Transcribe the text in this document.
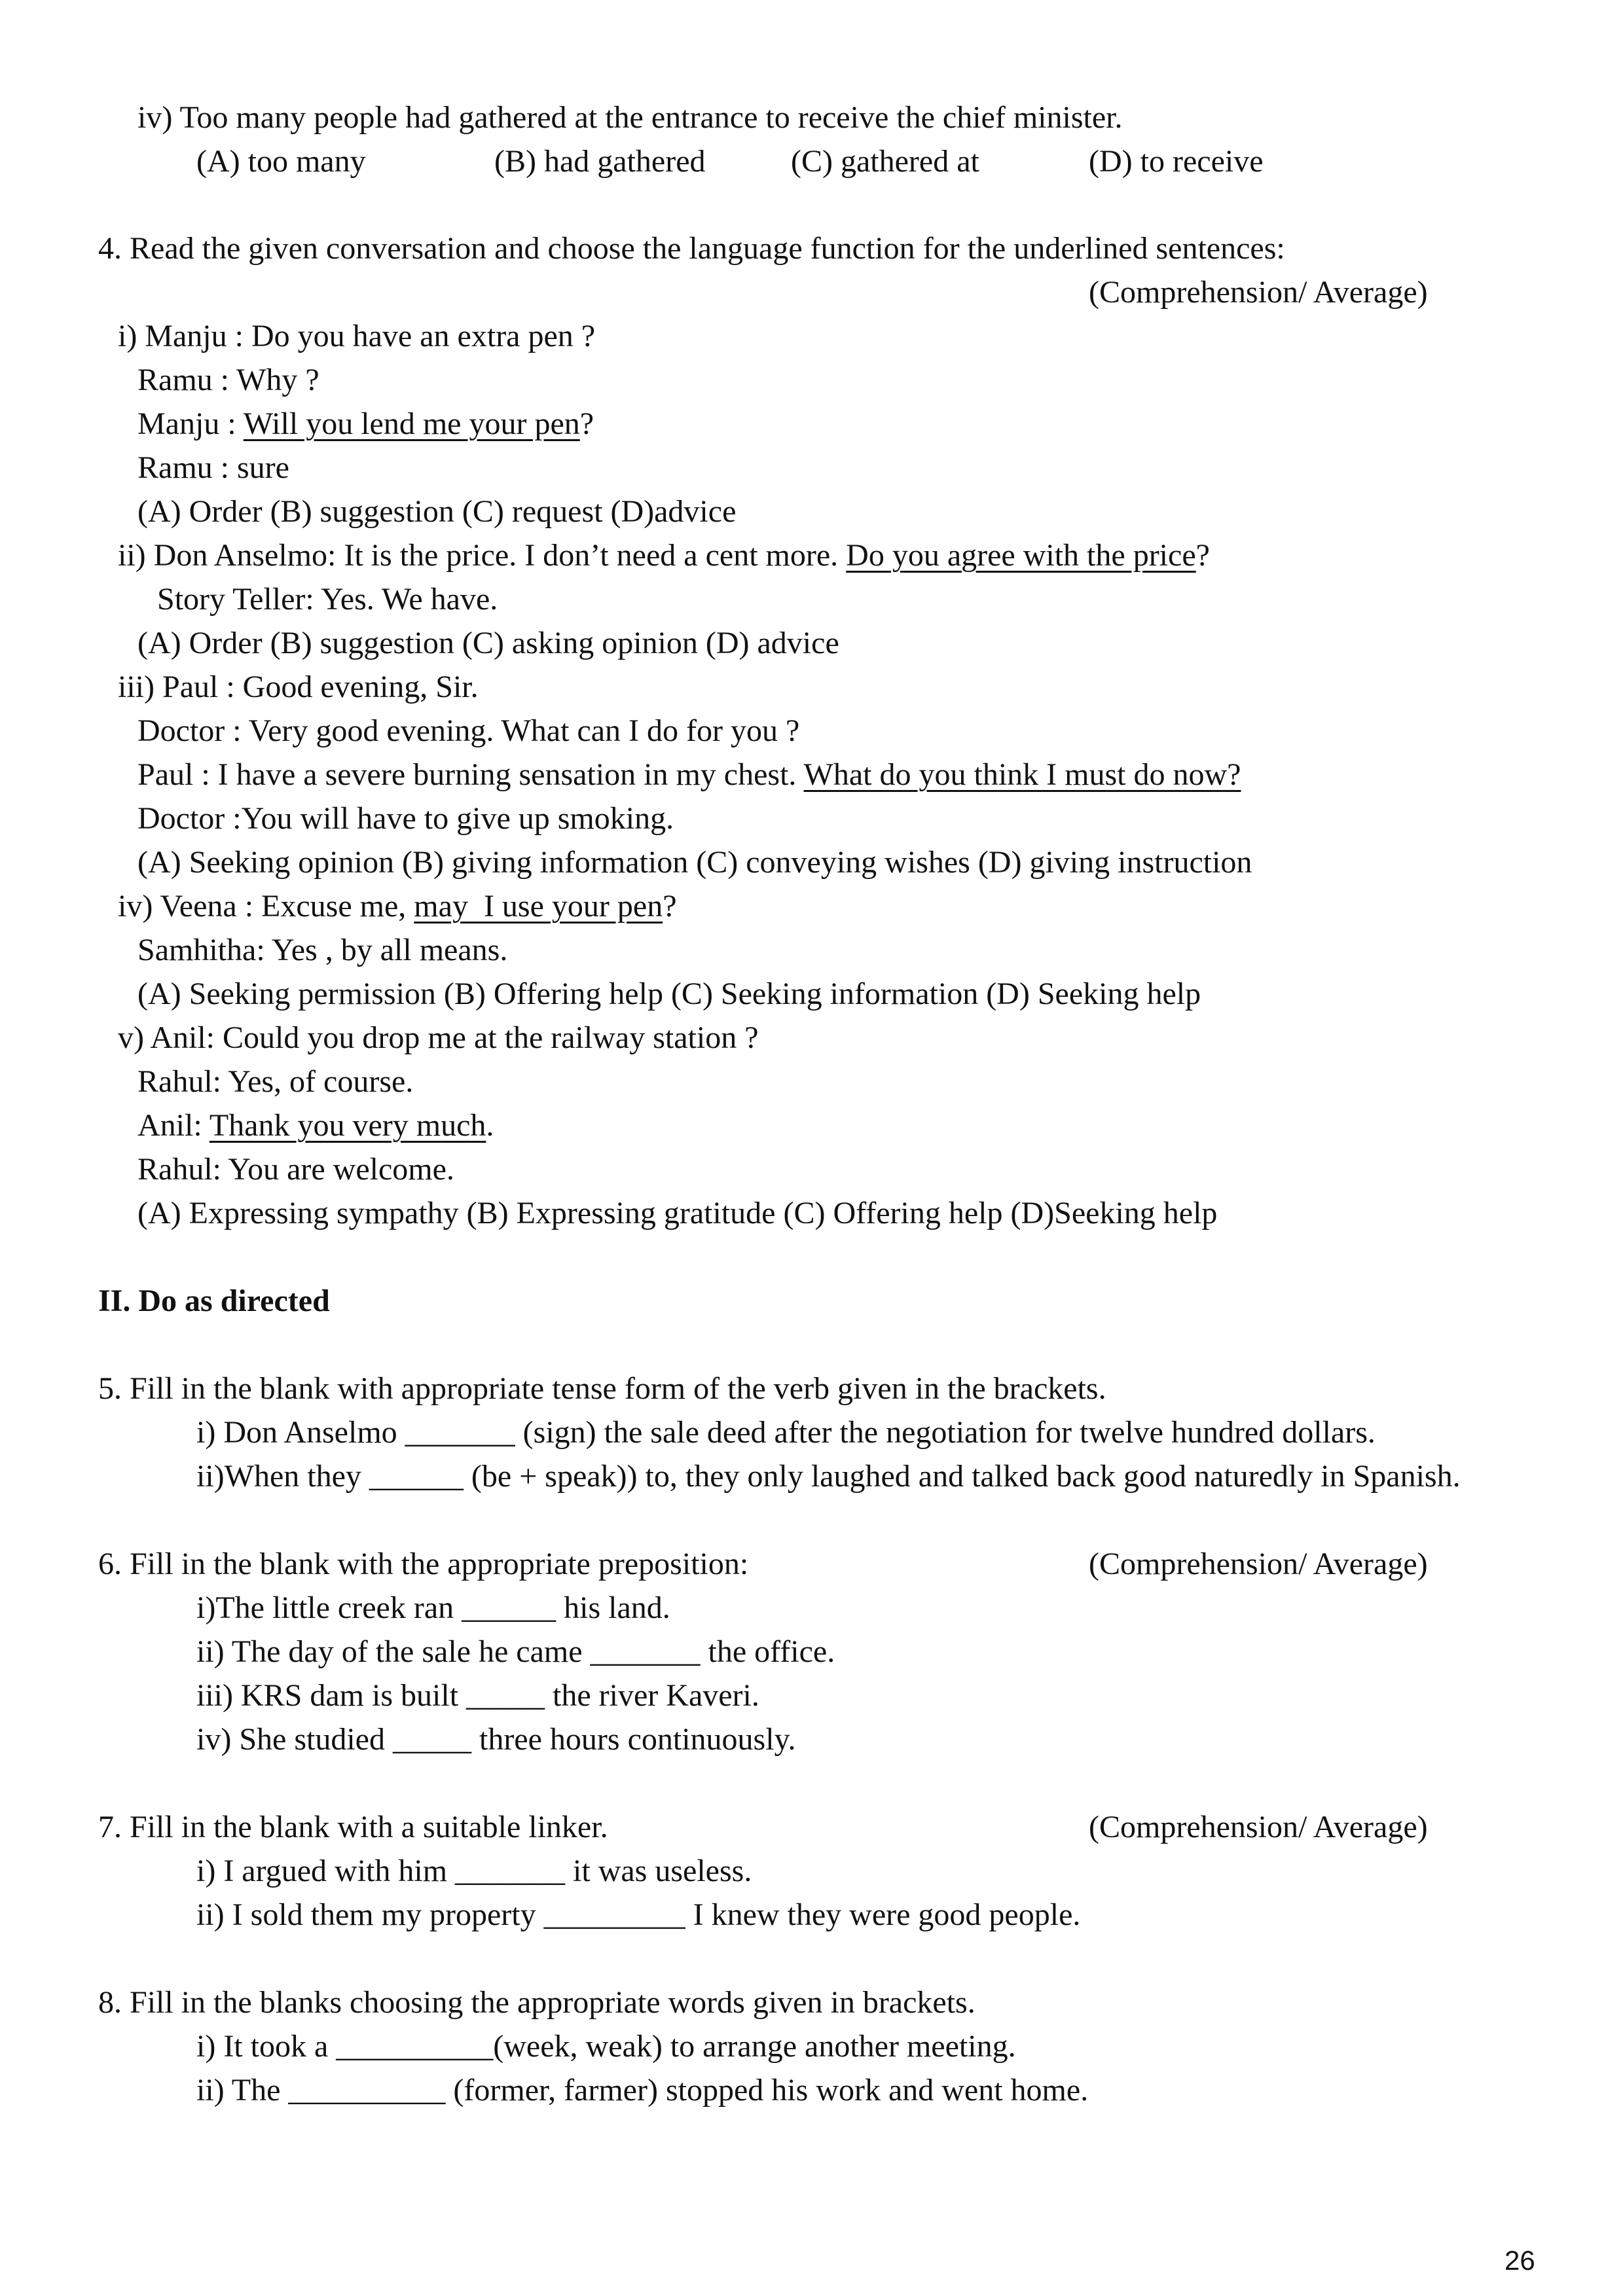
iv) Too many people had gathered at the entrance to receive the chief minister.
(A) too many	(B) had gathered	(C) gathered at	(D) to receive
4. Read the given conversation and choose the language function for the underlined sentences:
(Comprehension/ Average)
i) Manju : Do you have an extra pen ?
Ramu : Why ?
Manju : Will you lend me your pen?
Ramu : sure
(A) Order (B) suggestion (C) request (D)advice
ii) Don Anselmo: It is the price. I don’t need a cent more. Do you agree with the price?
Story Teller: Yes. We have.
(A) Order (B) suggestion (C) asking opinion (D) advice
iii) Paul : Good evening, Sir.
Doctor : Very good evening. What can I do for you ?
Paul : I have a severe burning sensation in my chest. What do you think I must do now?
Doctor :You will have to give up smoking.
(A) Seeking opinion (B) giving information (C) conveying wishes (D) giving instruction
iv) Veena : Excuse me, may  I use your pen?
Samhitha: Yes , by all means.
(A) Seeking permission (B) Offering help (C) Seeking information (D) Seeking help
v) Anil: Could you drop me at the railway station ?
Rahul: Yes, of course.
Anil: Thank you very much.
Rahul: You are welcome.
(A) Expressing sympathy (B) Expressing gratitude (C) Offering help (D)Seeking help
II. Do as directed
5. Fill in the blank with appropriate tense form of the verb given in the brackets.
i) Don Anselmo _______ (sign) the sale deed after the negotiation for twelve hundred dollars.
ii)When they ______ (be + speak)) to, they only laughed and talked back good naturedly in Spanish.
6. Fill in the blank with the appropriate preposition:	(Comprehension/ Average)
i)The little creek ran ______ his land.
ii) The day of the sale he came _______ the office.
iii) KRS dam is built _____ the river Kaveri.
iv) She studied _____ three hours continuously.
7. Fill in the blank with a suitable linker.	(Comprehension/ Average)
i) I argued with him _______ it was useless.
ii) I sold them my property _________ I knew they were good people.
8. Fill in the blanks choosing the appropriate words given in brackets.
i) It took a __________(week, weak) to arrange another meeting.
ii) The __________ (former, farmer) stopped his work and went home.
26
